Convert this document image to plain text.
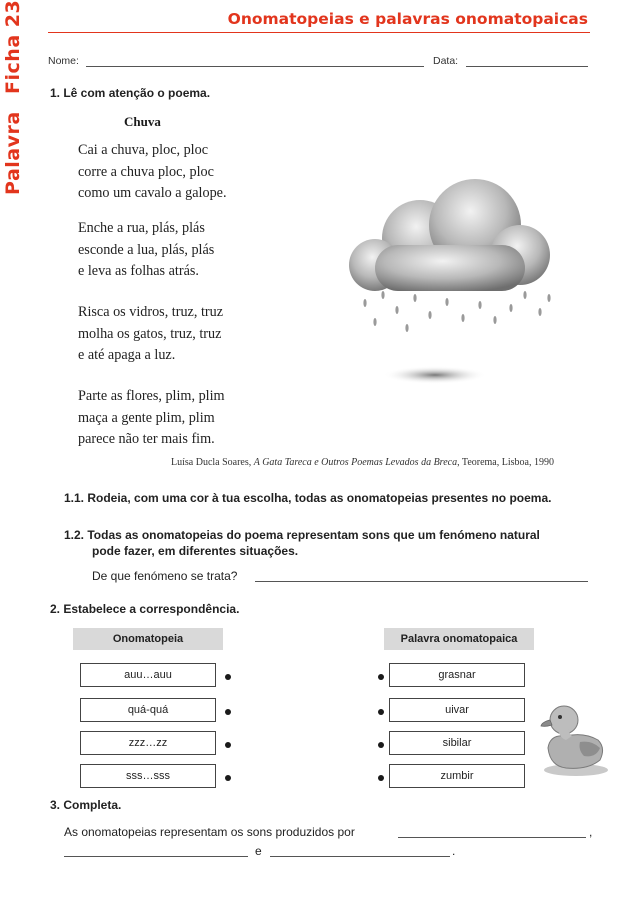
Palavra Ficha 23	Onomatopeias e palavras onomatopaicas
Nome:	Data:
1. Lê com atenção o poema.
Chuva
Cai a chuva, ploc, ploc
corre a chuva ploc, ploc
como um cavalo a galope.
Enche a rua, plás, plás
esconde a lua, plás, plás
e leva as folhas atrás.
Risca os vidros, truz, truz
molha os gatos, truz, truz
e até apaga a luz.
Parte as flores, plim, plim
maça a gente plim, plim
parece não ter mais fim.
Luísa Ducla Soares, A Gata Tareca e Outros Poemas Levados da Breca, Teorema, Lisboa, 1990
1.1. Rodeia, com uma cor à tua escolha, todas as onomatopeias presentes no poema.
1.2. Todas as onomatopeias do poema representam sons que um fenómeno natural
pode fazer, em diferentes situações.
De que fenómeno se trata?
2. Estabelece a correspondência.
Onomatopeia	Palavra onomatopaica
auu…auu
quá-quá
zzz…zz
sss…sss
grasnar
uivar
sibilar
zumbir
3. Completa.
As onomatopeias representam os sons produzidos por	,
e	.
